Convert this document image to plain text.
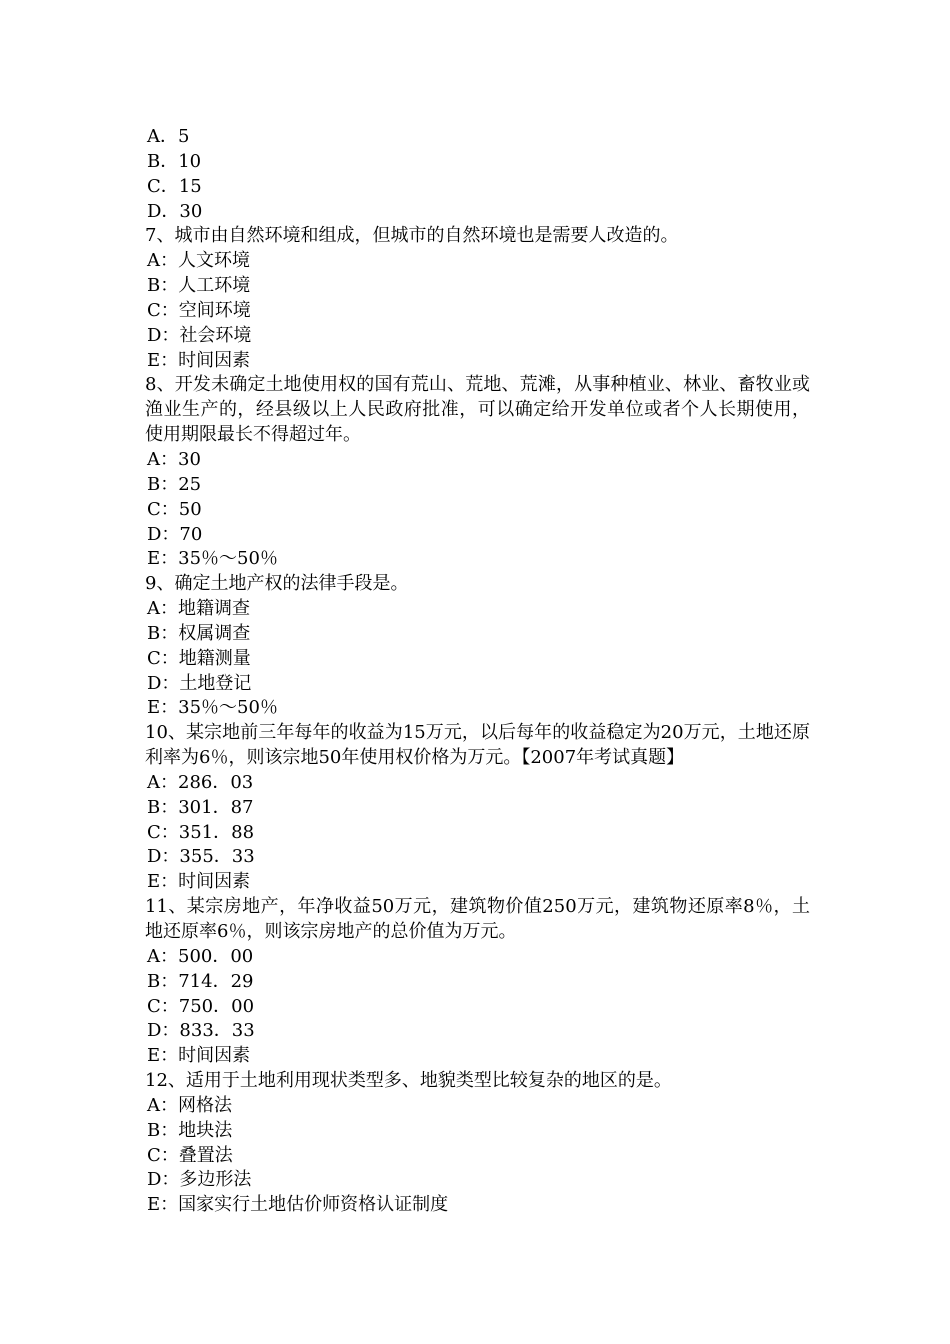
A．5
B．10
C．15
D．30
7、城市由自然环境和组成，但城市的自然环境也是需要人改造的。
A：人文环境
B：人工环境
C：空间环境
D：社会环境
E：时间因素
8、开发未确定土地使用权的国有荒山、荒地、荒滩，从事种植业、林业、畜牧业或渔业生产的，经县级以上人民政府批准，可以确定给开发单位或者个人长期使用，使用期限最长不得超过年。
A：30
B：25
C：50
D：70
E：35％～50％
9、确定土地产权的法律手段是。
A：地籍调查
B：权属调查
C：地籍测量
D：土地登记
E：35％～50％
10、某宗地前三年每年的收益为15万元，以后每年的收益稳定为20万元，土地还原利率为6％，则该宗地50年使用权价格为万元。【2007年考试真题】
A：286．03
B：301．87
C：351．88
D：355．33
E：时间因素
11、某宗房地产，年净收益50万元，建筑物价值250万元，建筑物还原率8％，土地还原率6％，则该宗房地产的总价值为万元。
A：500．00
B：714．29
C：750．00
D：833．33
E：时间因素
12、适用于土地利用现状类型多、地貌类型比较复杂的地区的是。
A：网格法
B：地块法
C：叠置法
D：多边形法
E：国家实行土地估价师资格认证制度
